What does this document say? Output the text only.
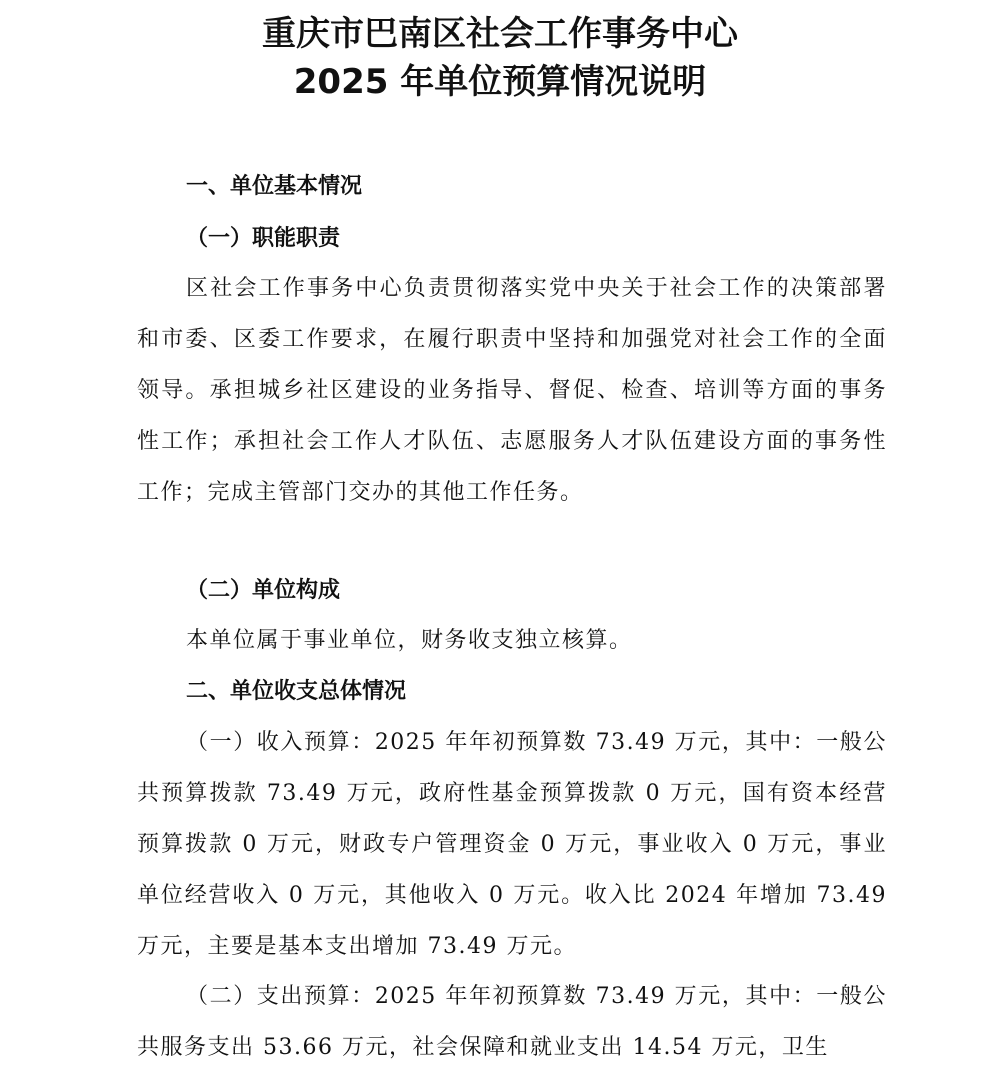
重庆市巴南区社会工作事务中心
2025 年单位预算情况说明
一、单位基本情况
（一）职能职责

区社会工作事务中心负责贯彻落实党中央关于社会工作的决策部署和市委、区委工作要求，在履行职责中坚持和加强党对社会工作的全面领导。承担城乡社区建设的业务指导、督促、检查、培训等方面的事务性工作；承担社会工作人才队伍、志愿服务人才队伍建设方面的事务性工作；完成主管部门交办的其他工作任务。

（二）单位构成

本单位属于事业单位，财务收支独立核算。

二、单位收支总体情况

（一）收入预算：2025 年年初预算数 73.49 万元，其中：一般公共预算拨款 73.49 万元，政府性基金预算拨款 0 万元，国有资本经营预算拨款 0 万元，财政专户管理资金 0 万元，事业收入 0 万元，事业单位经营收入 0 万元，其他收入 0 万元。收入比 2024 年增加 73.49 万元，主要是基本支出增加 73.49 万元。

（二）支出预算：2025 年年初预算数 73.49 万元，其中：一般公共服务支出 53.66 万元，社会保障和就业支出 14.54 万元，卫生
